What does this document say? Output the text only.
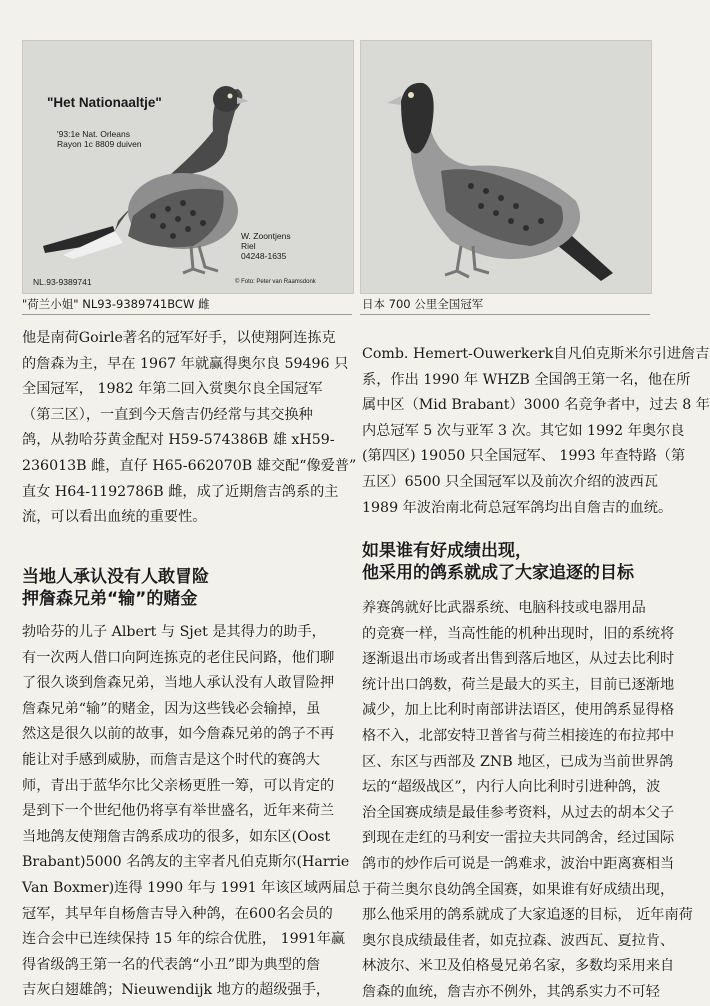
"Het Nationaaltje"
'93:1e Nat. Orleans
Rayon 1c 8809 duiven
W. Zoontjens
Riel
04248-1635
NL.93-9389741	© Foto: Peter van Raamsdonk
"荷兰小姐" NL93-9389741BCW 雌	日本 700 公里全国冠军

他是南荷Goirle著名的冠军好手，以使翔阿连拣克
的詹森为主，早在 1967 年就赢得奥尔良 59496 只
全国冠军， 1982 年第二回入赏奥尔良全国冠军
（第三区），一直到今天詹吉仍经常与其交换种
鸽，从勃哈芬黄金配对 H59-574386B 雄 xH59-
236013B 雌，直仔 H65-662070B 雄交配“像爱普”
直女 H64-1192786B 雌，成了近期詹吉鸽系的主
流，可以看出血统的重要性。

当地人承认没有人敢冒险
押詹森兄弟“输”的赌金

勃哈芬的儿子 Albert 与 Sjet 是其得力的助手，
有一次两人借口向阿连拣克的老住民问路，他们聊
了很久谈到詹森兄弟，当地人承认没有人敢冒险押
詹森兄弟“输”的赌金，因为这些钱必会输掉，虽
然这是很久以前的故事，如今詹森兄弟的鸽子不再
能让对手感到威胁，而詹吉是这个时代的赛鸽大
师，青出于蓝华尔比父亲杨更胜一筹，可以肯定的
是到下一个世纪他仍将享有举世盛名，近年来荷兰
当地鸽友使翔詹吉鸽系成功的很多，如东区(Oost
Brabant)5000 名鸽友的主宰者凡伯克斯尔(Harrie
Van Boxmer)连得 1990 年与 1991 年该区域两届总
冠军，其早年自杨詹吉导入种鸽，在600名会员的
连合会中已连续保持 15 年的综合优胜， 1991年赢
得省级鸽王第一名的代表鸽“小丑”即为典型的詹
吉灰白翅雄鸽；Nieuwendijk 地方的超级强手，

Comb. Hemert-Ouwerkerk自凡伯克斯米尔引进詹吉
系，作出 1990 年 WHZB 全国鸽王第一名，他在所
属中区（Mid Brabant）3000 名竞争者中，过去 8 年
内总冠军 5 次与亚军 3 次。其它如 1992 年奥尔良
(第四区) 19050 只全国冠军、 1993 年查特路（第
五区）6500 只全国冠军以及前次介绍的波西瓦
1989 年波治南北荷总冠军鸽均出自詹吉的血统。

如果谁有好成绩出现，
他采用的鸽系就成了大家追逐的目标

养赛鸽就好比武器系统、电脑科技或电器用品
的竞赛一样，当高性能的机种出现时，旧的系统将
逐渐退出市场或者出售到落后地区，从过去比利时
统计出口鸽数，荷兰是最大的买主，目前已逐渐地
减少，加上比利时南部讲法语区，使用鸽系显得格
格不入，北部安特卫普省与荷兰相接连的布拉邦中
区、东区与西部及 ZNB 地区，已成为当前世界鸽
坛的“超级战区”，内行人向比利时引进种鸽，波
治全国赛成绩是最佳参考资料，从过去的胡本父子
到现在走红的马利安一雷拉夫共同鸽舍，经过国际
鸽市的炒作后可说是一鸽难求，波治中距离赛相当
于荷兰奥尔良幼鸽全国赛，如果谁有好成绩出现，
那么他采用的鸽系就成了大家追逐的目标， 近年南荷
奥尔良成绩最佳者，如克拉森、波西瓦、夏拉肯、
林波尔、米卫及伯格曼兄弟名家，多数均采用来自
詹森的血统，詹吉亦不例外，其鸽系实力不可轻
